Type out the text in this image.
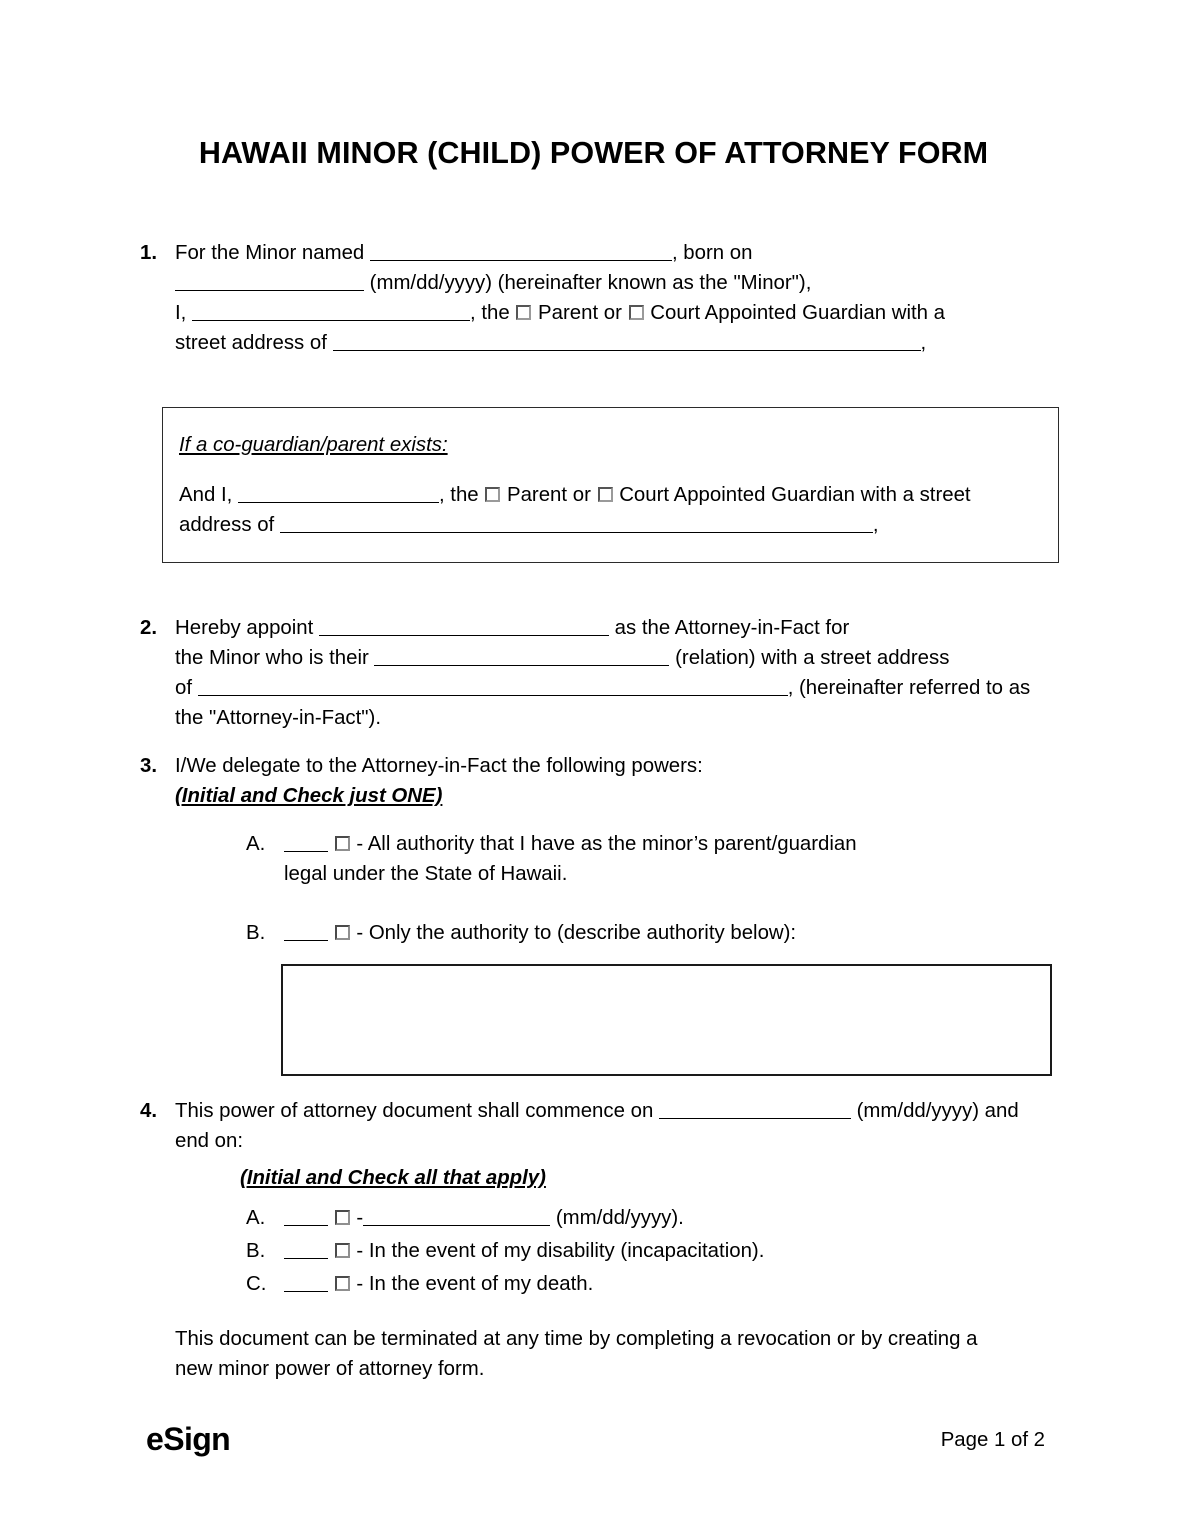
HAWAII MINOR (CHILD) POWER OF ATTORNEY FORM
1. For the Minor named	, born on
(mm/dd/yyyy) (hereinafter known as the "Minor"),
I,	, the Parent or Court Appointed Guardian with a
street address of	,
If a co-guardian/parent exists:
And I,	, the Parent or Court Appointed Guardian with a street
address of	,
2. Hereby appoint	as the Attorney-in-Fact for
the Minor who is their	(relation) with a street address
of	, (hereinafter referred to as
the "Attorney-in-Fact").
3. I/We delegate to the Attorney-in-Fact the following powers:
(Initial and Check just ONE)
A.	- All authority that I have as the minor’s parent/guardian
legal under the State of Hawaii.
B.	- Only the authority to (describe authority below):
4. This power of attorney document shall commence on	(mm/dd/yyyy) and
end on:
(Initial and Check all that apply)
A.	-	(mm/dd/yyyy).
B.	- In the event of my disability (incapacitation).
C.	- In the event of my death.
This document can be terminated at any time by completing a revocation or by creating a
new minor power of attorney form.
eSign	Page 1 of 2
